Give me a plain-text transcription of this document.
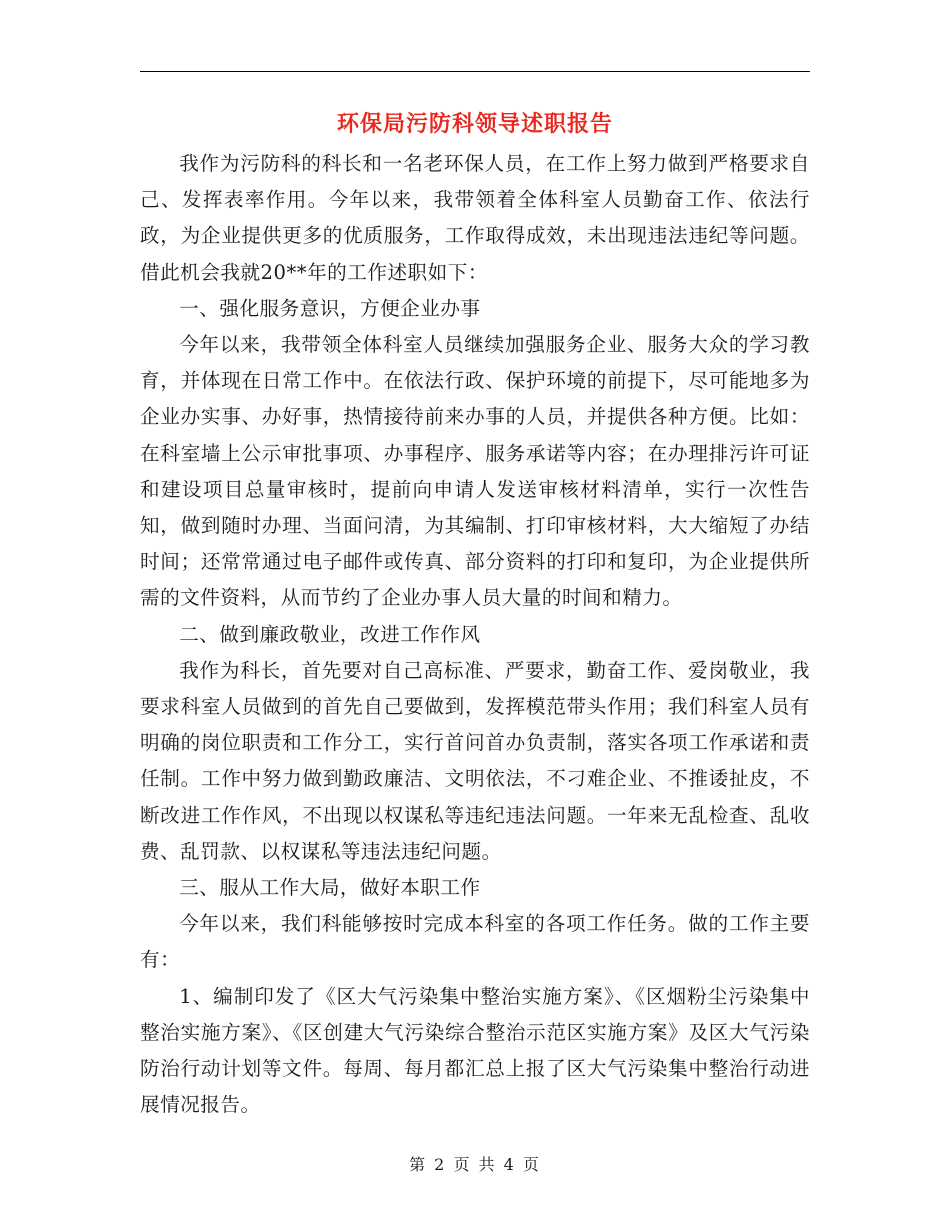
环保局污防科领导述职报告

我作为污防科的科长和一名老环保人员，在工作上努力做到严格要求自己、发挥表率作用。今年以来，我带领着全体科室人员勤奋工作、依法行政，为企业提供更多的优质服务，工作取得成效，未出现违法违纪等问题。借此机会我就20**年的工作述职如下：

一、强化服务意识，方便企业办事

今年以来，我带领全体科室人员继续加强服务企业、服务大众的学习教育，并体现在日常工作中。在依法行政、保护环境的前提下，尽可能地多为企业办实事、办好事，热情接待前来办事的人员，并提供各种方便。比如：在科室墙上公示审批事项、办事程序、服务承诺等内容；在办理排污许可证和建设项目总量审核时，提前向申请人发送审核材料清单，实行一次性告知，做到随时办理、当面问清，为其编制、打印审核材料，大大缩短了办结时间；还常常通过电子邮件或传真、部分资料的打印和复印，为企业提供所需的文件资料，从而节约了企业办事人员大量的时间和精力。

二、做到廉政敬业，改进工作作风

我作为科长，首先要对自己高标准、严要求，勤奋工作、爱岗敬业，我要求科室人员做到的首先自己要做到，发挥模范带头作用；我们科室人员有明确的岗位职责和工作分工，实行首问首办负责制，落实各项工作承诺和责任制。工作中努力做到勤政廉洁、文明依法，不刁难企业、不推诿扯皮，不断改进工作作风，不出现以权谋私等违纪违法问题。一年来无乱检查、乱收费、乱罚款、以权谋私等违法违纪问题。

三、服从工作大局，做好本职工作

今年以来，我们科能够按时完成本科室的各项工作任务。做的工作主要有：

1、编制印发了《区大气污染集中整治实施方案》、《区烟粉尘污染集中整治实施方案》、《区创建大气污染综合整治示范区实施方案》及区大气污染防治行动计划等文件。每周、每月都汇总上报了区大气污染集中整治行动进展情况报告。

第 2 页 共 4 页
